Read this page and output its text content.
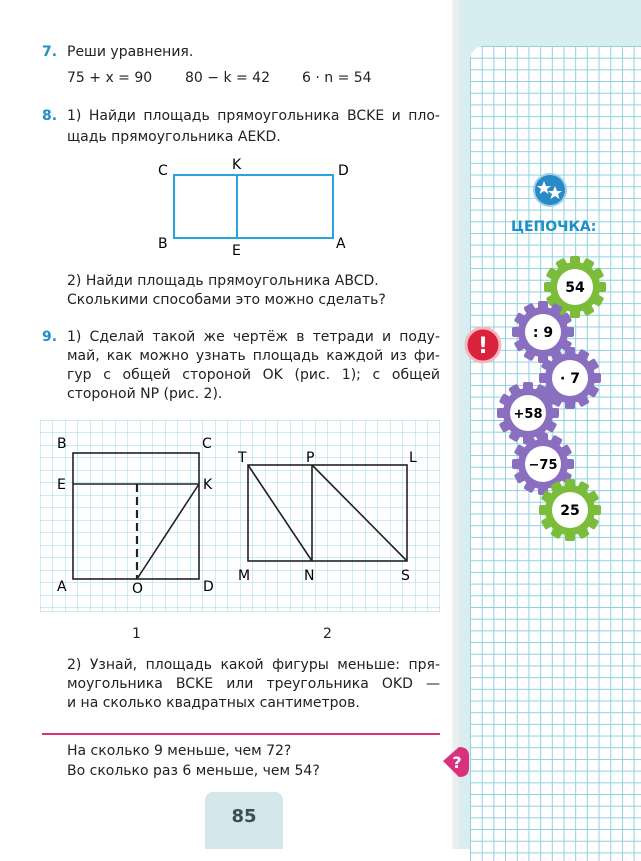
7. Реши уравнения.
75 + x = 90 80 − k = 42 6 · n = 54
8. 1) Найди площадь прямоугольника BCKE и пло-
щадь прямоугольника AEKD.
C	K	D
B	E	A
2) Найди площадь прямоугольника ABCD.
Сколькими способами это можно сделать?
9. 1) Сделай такой же чертёж в тетради и поду-
май, как можно узнать площадь каждой из фи-
гур с общей стороной OK (рис. 1); с общей
стороной NP (рис. 2).
B	C
E	K
A	O	D
T	P	L
M	N	S
1	2
2) Узнай, площадь какой фигуры меньше: пря-
моугольника BCKE или треугольника OKD —
и на сколько квадратных сантиметров.
На сколько 9 меньше, чем 72?
Во сколько раз 6 меньше, чем 54?	?
85
ЦЕПОЧКА:
!
54
: 9
· 7
+58
−75
25
